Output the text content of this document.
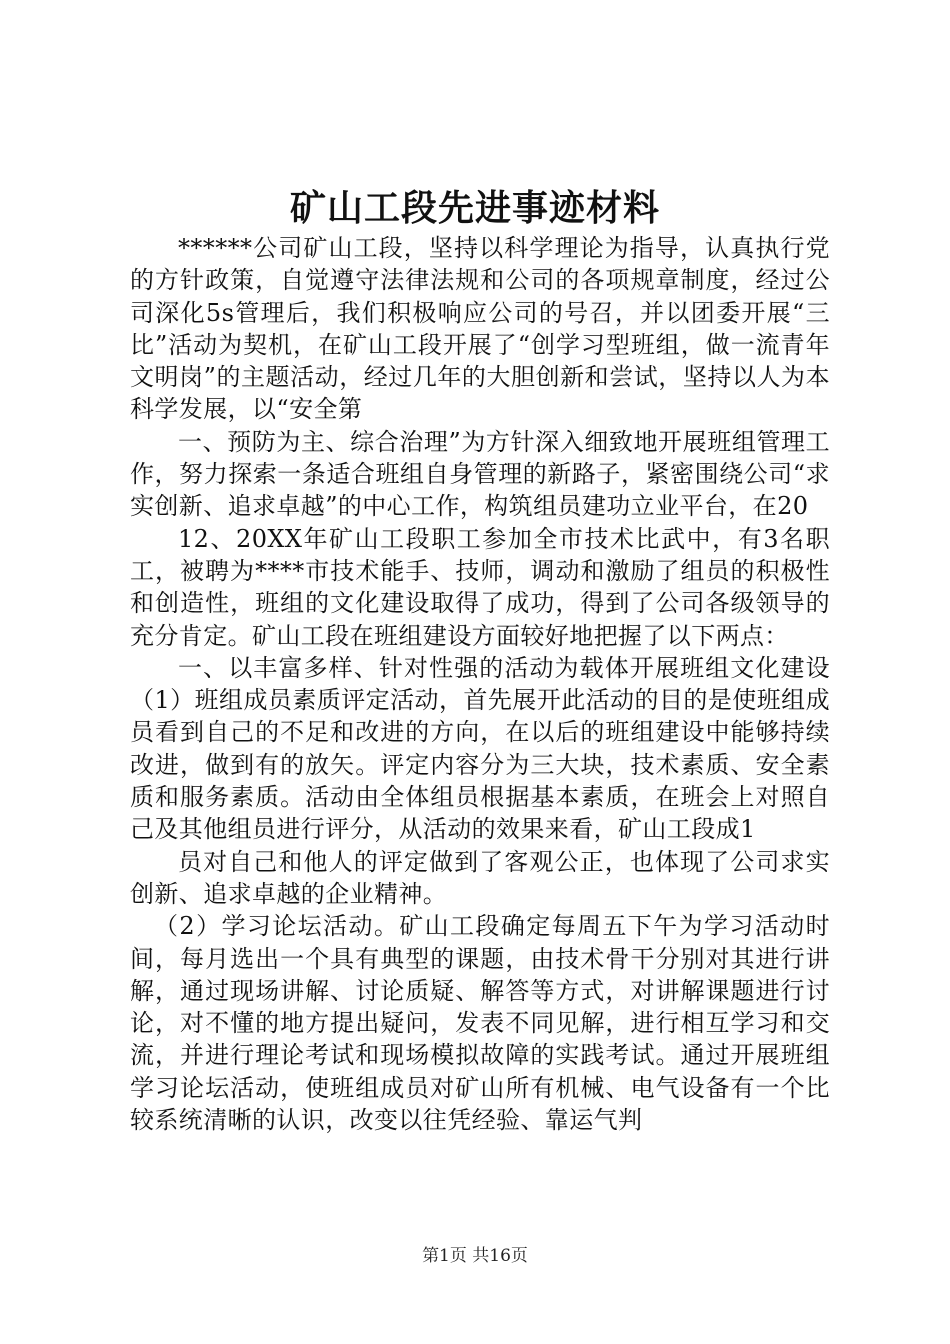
矿山工段先进事迹材料

******公司矿山工段，坚持以科学理论为指导，认真执行党的方针政策，自觉遵守法律法规和公司的各项规章制度，经过公司深化5s管理后，我们积极响应公司的号召，并以团委开展“三比”活动为契机，在矿山工段开展了“创学习型班组，做一流青年文明岗”的主题活动，经过几年的大胆创新和尝试，坚持以人为本科学发展，以“安全第

一、预防为主、综合治理”为方针深入细致地开展班组管理工作，努力探索一条适合班组自身管理的新路子，紧密围绕公司“求实创新、追求卓越”的中心工作，构筑组员建功立业平台，在20

12、20XX年矿山工段职工参加全市技术比武中，有3名职工，被聘为****市技术能手、技师，调动和激励了组员的积极性和创造性，班组的文化建设取得了成功，得到了公司各级领导的充分肯定。矿山工段在班组建设方面较好地把握了以下两点：

一、以丰富多样、针对性强的活动为载体开展班组文化建设（1）班组成员素质评定活动，首先展开此活动的目的是使班组成员看到自己的不足和改进的方向，在以后的班组建设中能够持续改进，做到有的放矢。评定内容分为三大块，技术素质、安全素质和服务素质。活动由全体组员根据基本素质，在班会上对照自己及其他组员进行评分，从活动的效果来看，矿山工段成1

员对自己和他人的评定做到了客观公正，也体现了公司求实创新、追求卓越的企业精神。

（2）学习论坛活动。矿山工段确定每周五下午为学习活动时间，每月选出一个具有典型的课题，由技术骨干分别对其进行讲解，通过现场讲解、讨论质疑、解答等方式，对讲解课题进行讨论，对不懂的地方提出疑问，发表不同见解，进行相互学习和交流，并进行理论考试和现场模拟故障的实践考试。通过开展班组学习论坛活动，使班组成员对矿山所有机械、电气设备有一个比较系统清晰的认识，改变以往凭经验、靠运气判

第1页 共16页
